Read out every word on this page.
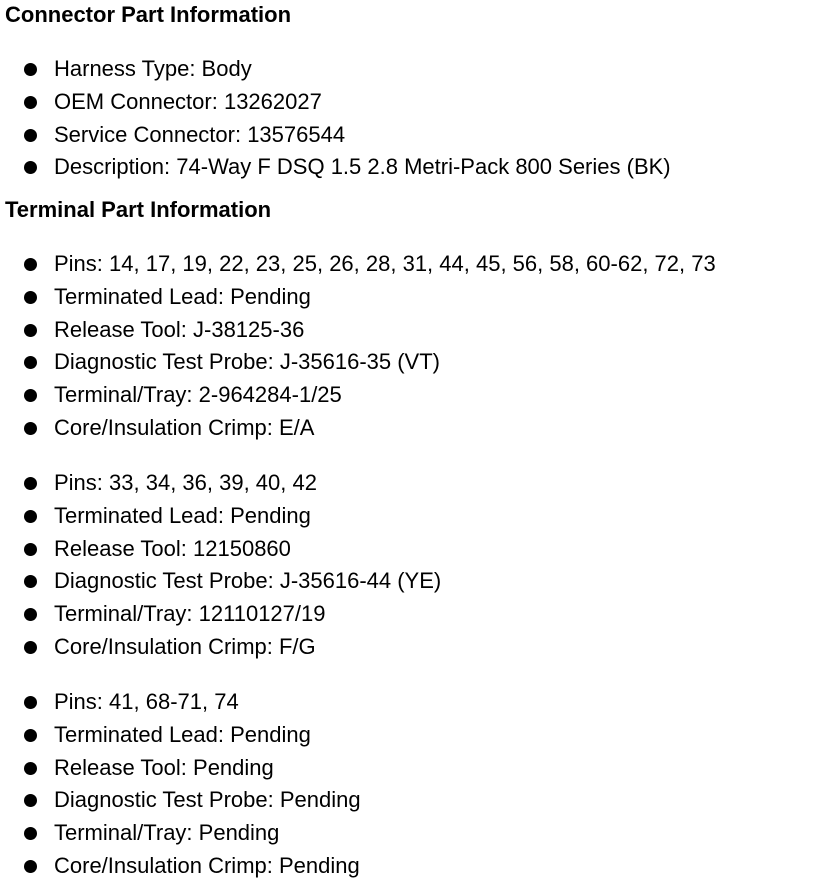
Connector Part Information
Harness Type: Body
OEM Connector: 13262027
Service Connector: 13576544
Description: 74-Way F DSQ 1.5 2.8 Metri-Pack 800 Series (BK)
Terminal Part Information
Pins: 14, 17, 19, 22, 23, 25, 26, 28, 31, 44, 45, 56, 58, 60-62, 72, 73
Terminated Lead: Pending
Release Tool: J-38125-36
Diagnostic Test Probe: J-35616-35 (VT)
Terminal/Tray: 2-964284-1/25
Core/Insulation Crimp: E/A
Pins: 33, 34, 36, 39, 40, 42
Terminated Lead: Pending
Release Tool: 12150860
Diagnostic Test Probe: J-35616-44 (YE)
Terminal/Tray: 12110127/19
Core/Insulation Crimp: F/G
Pins: 41, 68-71, 74
Terminated Lead: Pending
Release Tool: Pending
Diagnostic Test Probe: Pending
Terminal/Tray: Pending
Core/Insulation Crimp: Pending
